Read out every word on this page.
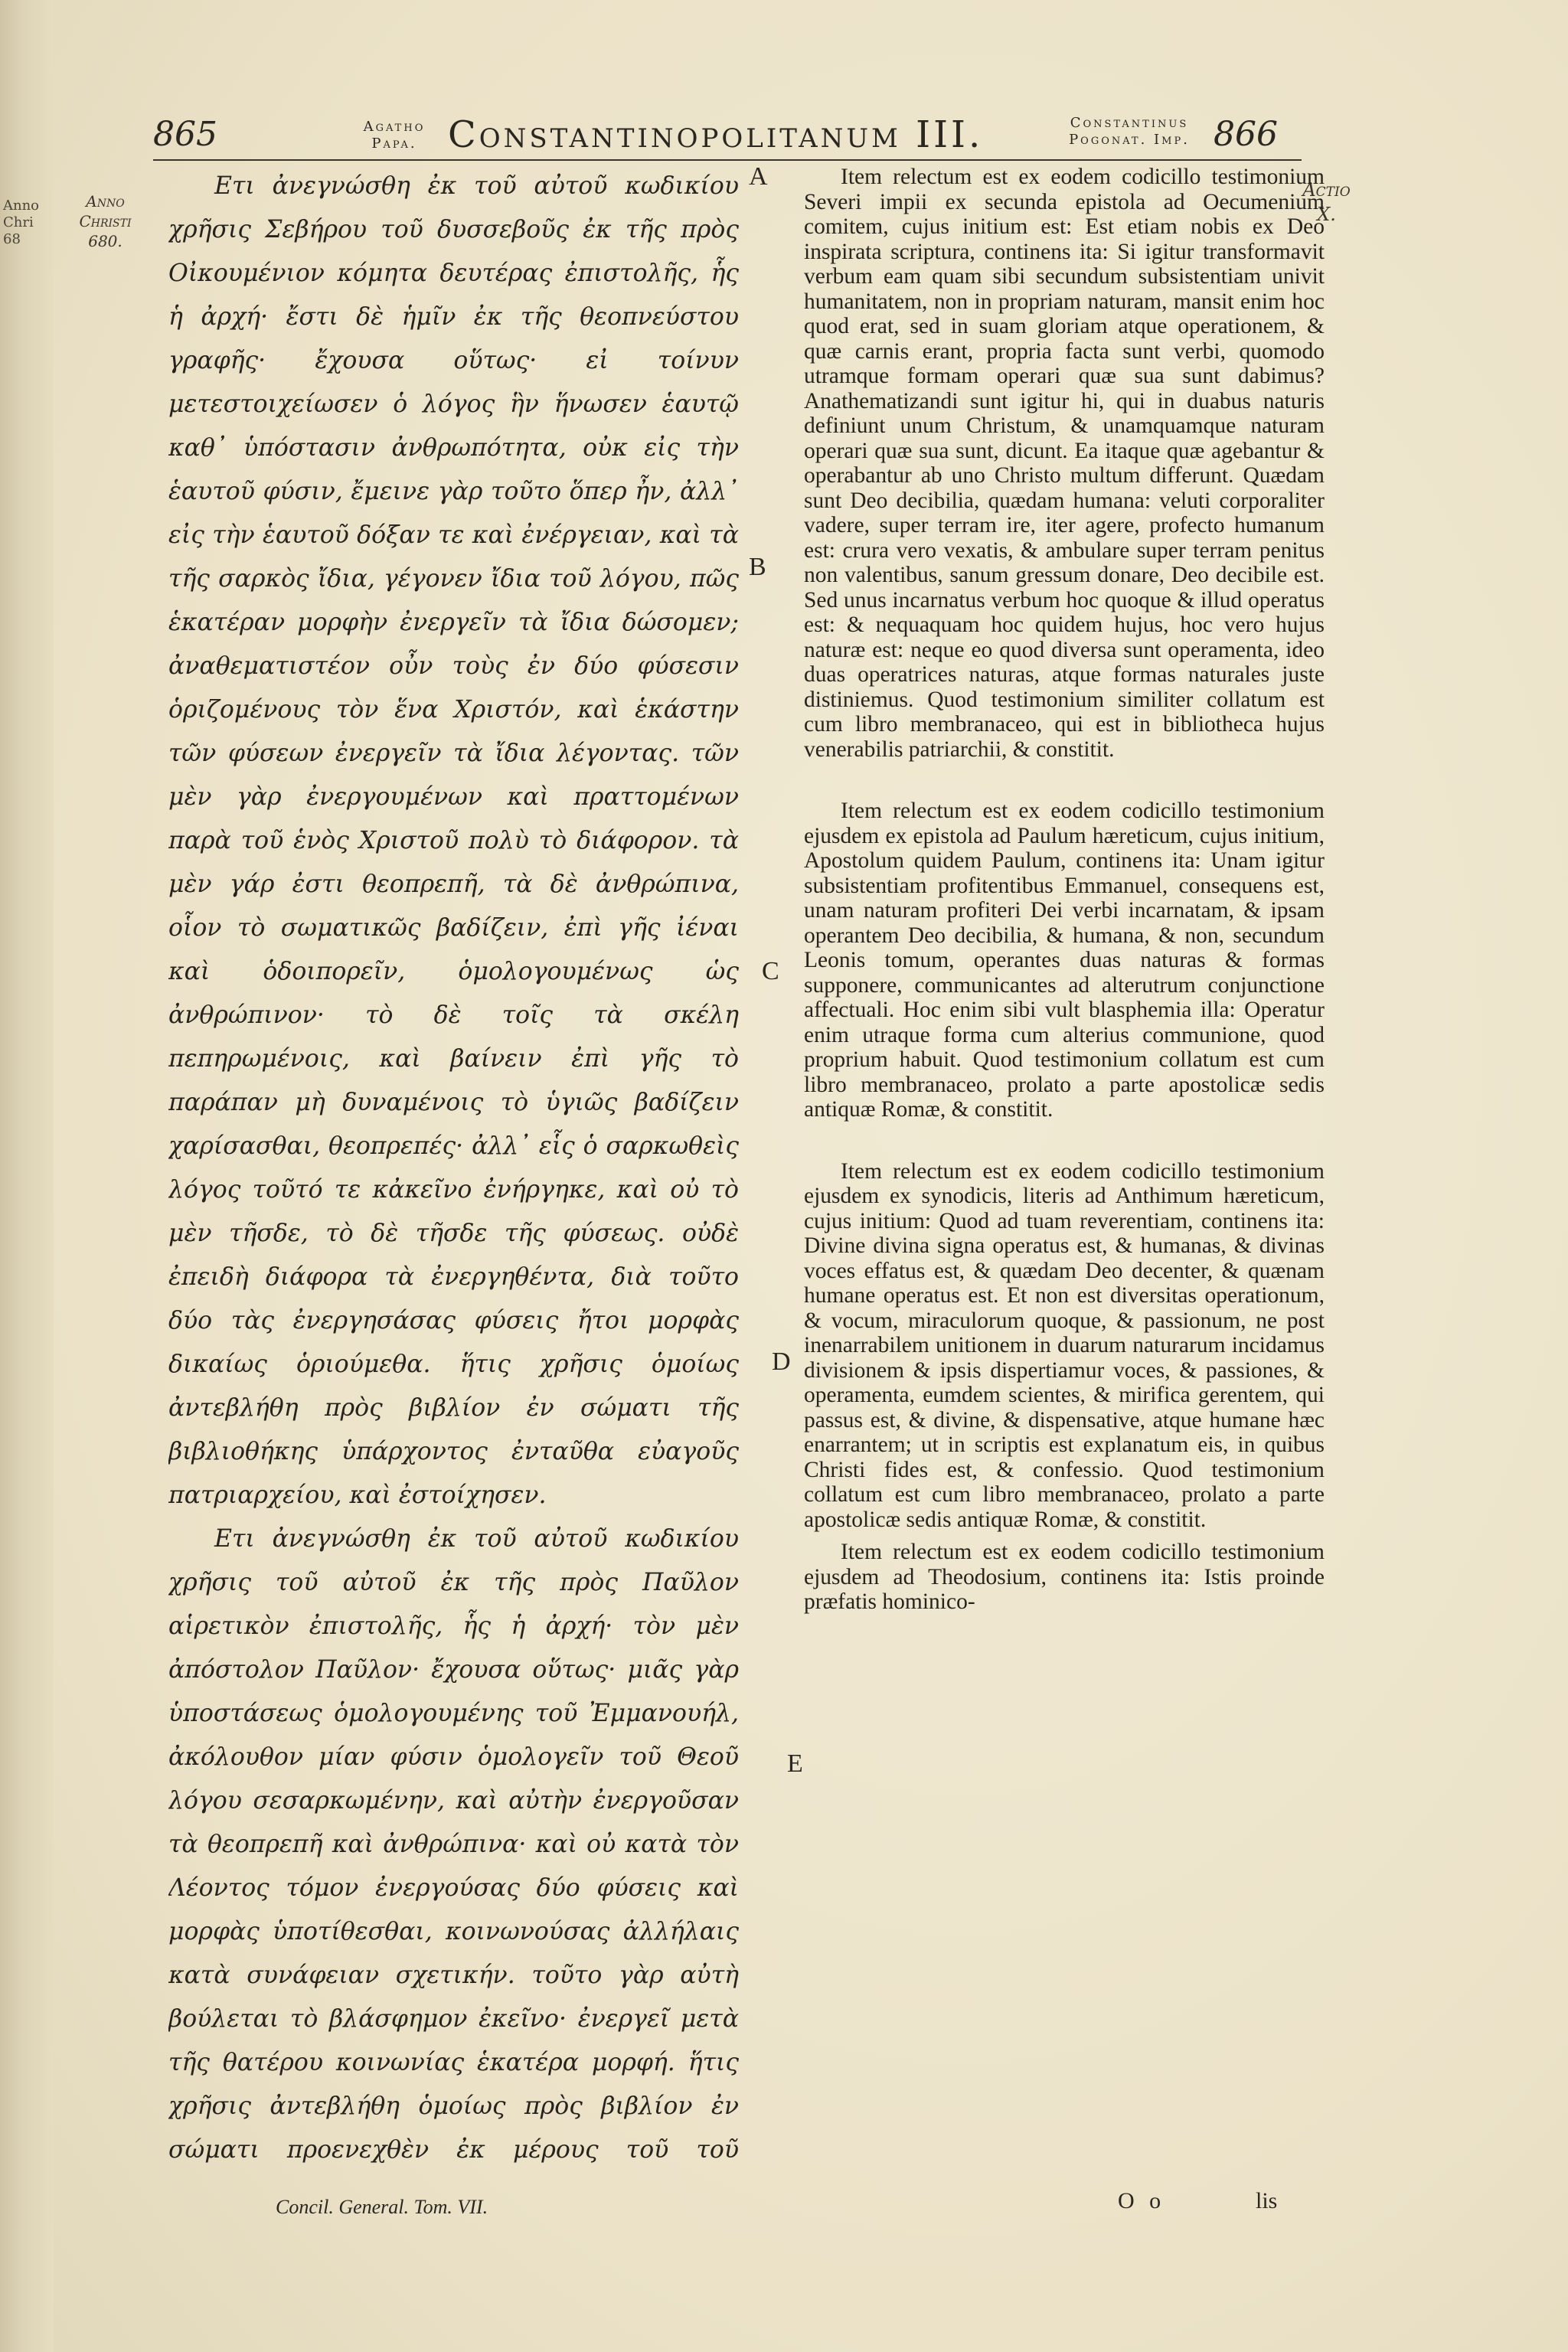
Anno Chri 68
865	Agatho
Papa. Constantinopolitanum III.	Constantinus
Pogonat. Imp. 866
Anno
Christi
680.
Actio
X.
A
B
C
D
E

Ετι ἀνεγνώσθη ἐκ τοῦ αὐτοῦ κωδικίου χρῆσις Σεβήρου τοῦ δυσσεβοῦς ἐκ τῆς πρὸς Οἰκουμένιον κόμητα δευτέρας ἐπιστολῆς, ἧς ἡ ἀρχή· ἔστι δὲ ἡμῖν ἐκ τῆς θεοπνεύστου γραφῆς· ἔχουσα οὕτως· εἰ τοίνυν μετεστοιχείωσεν ὁ λόγος ἣν ἥνωσεν ἑαυτῷ καθ᾿ ὑπόστασιν ἀνθρωπότητα, οὐκ εἰς τὴν ἑαυτοῦ φύσιν, ἔμεινε γὰρ τοῦτο ὅπερ ἦν, ἀλλ᾿ εἰς τὴν ἑαυτοῦ δόξαν τε καὶ ἐνέργειαν, καὶ τὰ τῆς σαρκὸς ἴδια, γέγονεν ἴδια τοῦ λόγου, πῶς ἑκατέραν μορφὴν ἐνεργεῖν τὰ ἴδια δώσομεν; ἀναθεματιστέον οὖν τοὺς ἐν δύο φύσεσιν ὁριζομένους τὸν ἕνα Χριστόν, καὶ ἑκάστην τῶν φύσεων ἐνεργεῖν τὰ ἴδια λέγοντας. τῶν μὲν γὰρ ἐνεργουμένων καὶ πραττομένων παρὰ τοῦ ἑνὸς Χριστοῦ πολὺ τὸ διάφορον. τὰ μὲν γάρ ἐστι θεοπρεπῆ, τὰ δὲ ἀνθρώπινα, οἷον τὸ σωματικῶς βαδίζειν, ἐπὶ γῆς ἰέναι καὶ ὁδοιπορεῖν, ὁμολογουμένως ὡς ἀνθρώπινον· τὸ δὲ τοῖς τὰ σκέλη πεπηρωμένοις, καὶ βαίνειν ἐπὶ γῆς τὸ παράπαν μὴ δυναμένοις τὸ ὑγιῶς βαδίζειν χαρίσασθαι, θεοπρεπές· ἀλλ᾿ εἷς ὁ σαρκωθεὶς λόγος τοῦτό τε κἀκεῖνο ἐνήργηκε, καὶ οὐ τὸ μὲν τῆσδε, τὸ δὲ τῆσδε τῆς φύσεως. οὐδὲ ἐπειδὴ διάφορα τὰ ἐνεργηθέντα, διὰ τοῦτο δύο τὰς ἐνεργησάσας φύσεις ἤτοι μορφὰς δικαίως ὁριούμεθα. ἥτις χρῆσις ὁμοίως ἀντεβλήθη πρὸς βιβλίον ἐν σώματι τῆς βιβλιοθήκης ὑπάρχοντος ἐνταῦθα εὐαγοῦς πατριαρχείου, καὶ ἐστοίχησεν.

Ετι ἀνεγνώσθη ἐκ τοῦ αὐτοῦ κωδικίου χρῆσις τοῦ αὐτοῦ ἐκ τῆς πρὸς Παῦλον αἱρετικὸν ἐπιστολῆς, ἧς ἡ ἀρχή· τὸν μὲν ἀπόστολον Παῦλον· ἔχουσα οὕτως· μιᾶς γὰρ ὑποστάσεως ὁμολογουμένης τοῦ Ἐμμανουήλ, ἀκόλουθον μίαν φύσιν ὁμολογεῖν τοῦ Θεοῦ λόγου σεσαρκωμένην, καὶ αὐτὴν ἐνεργοῦσαν τὰ θεοπρεπῆ καὶ ἀνθρώπινα· καὶ οὐ κατὰ τὸν Λέοντος τόμον ἐνεργούσας δύο φύσεις καὶ μορφὰς ὑποτίθεσθαι, κοινωνούσας ἀλλήλαις κατὰ συνάφειαν σχετικήν. τοῦτο γὰρ αὐτὴ βούλεται τὸ βλάσφημον ἐκεῖνο· ἐνεργεῖ μετὰ τῆς θατέρου κοινωνίας ἑκατέρα μορφή. ἥτις χρῆσις ἀντεβλήθη ὁμοίως πρὸς βιβλίον ἐν σώματι προενεχθὲν ἐκ μέρους τοῦ τοῦ

Item relectum est ex eodem codicillo testimonium Severi impii ex secunda epistola ad Oecumenium comitem, cujus initium est: Est etiam nobis ex Deo inspirata scriptura, continens ita: Si igitur transformavit verbum eam quam sibi secundum subsistentiam univit humanitatem, non in propriam naturam, mansit enim hoc quod erat, sed in suam gloriam atque operationem, & quæ carnis erant, propria facta sunt verbi, quomodo utramque formam operari quæ sua sunt dabimus? Anathematizandi sunt igitur hi, qui in duabus naturis definiunt unum Christum, & unamquamque naturam operari quæ sua sunt, dicunt. Ea itaque quæ agebantur & operabantur ab uno Christo multum differunt. Quædam sunt Deo decibilia, quædam humana: veluti corporaliter vadere, super terram ire, iter agere, profecto humanum est: crura vero vexatis, & ambulare super terram penitus non valentibus, sanum gressum donare, Deo decibile est. Sed unus incarnatus verbum hoc quoque & illud operatus est: & nequaquam hoc quidem hujus, hoc vero hujus naturæ est: neque eo quod diversa sunt operamenta, ideo duas operatrices naturas, atque formas naturales juste distiniemus. Quod testimonium similiter collatum est cum libro membranaceo, qui est in bibliotheca hujus venerabilis patriarchii, & constitit.

Item relectum est ex eodem codicillo testimonium ejusdem ex epistola ad Paulum hæreticum, cujus initium, Apostolum quidem Paulum, continens ita: Unam igitur subsistentiam profitentibus Emmanuel, consequens est, unam naturam profiteri Dei verbi incarnatam, & ipsam operantem Deo decibilia, & humana, & non, secundum Leonis tomum, operantes duas naturas & formas supponere, communicantes ad alterutrum conjunctione affectuali. Hoc enim sibi vult blasphemia illa: Operatur enim utraque forma cum alterius communione, quod proprium habuit. Quod testimonium collatum est cum libro membranaceo, prolato a parte apostolicæ sedis antiquæ Romæ, & constitit.

Item relectum est ex eodem codicillo testimonium ejusdem ex synodicis, literis ad Anthimum hæreticum, cujus initium: Quod ad tuam reverentiam, continens ita: Divine divina signa operatus est, & humanas, & divinas voces effatus est, & quædam Deo decenter, & quænam humane operatus est. Et non est diversitas operationum, & vocum, miraculorum quoque, & passionum, ne post inenarrabilem unitionem in duarum naturarum incidamus divisionem & ipsis dispertiamur voces, & passiones, & operamenta, eumdem scientes, & mirifica gerentem, qui passus est, & divine, & dispensative, atque humane hæc enarrantem; ut in scriptis est explanatum eis, in quibus Christi fides est, & confessio. Quod testimonium collatum est cum libro membranaceo, prolato a parte apostolicæ sedis antiquæ Romæ, & constitit.

Item relectum est ex eodem codicillo testimonium ejusdem ad Theodosium, continens ita: Istis proinde præfatis hominico-

Concil. General. Tom. VII.	O o	lis
